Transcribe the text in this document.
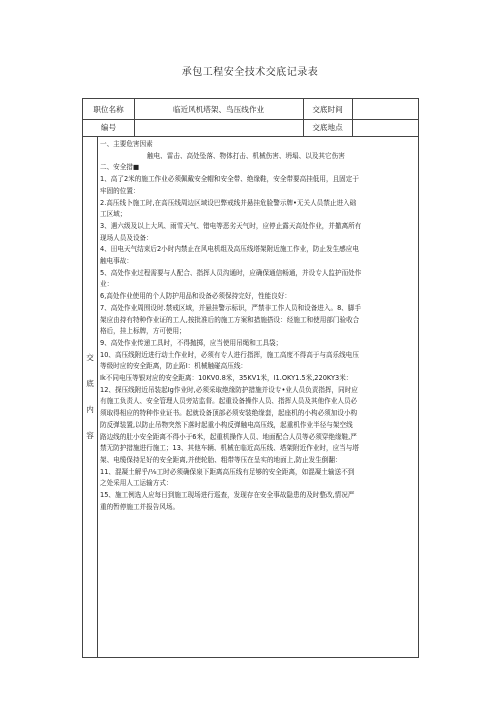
承包工程安全技术交底记录表
职位名称	临近风机塔架、鸟压线作业	交底时间
编号	交底地点
交
底
内
容

一、主要危害因素

触电、雷击、高处坠落、物体打击、机械伤害、坍塌、以及其它伤害

二、安全措■

1、高了2米的施工作业必须佩戴安全帽和安全带、绝缘鞋，安全带要高挂低用，且固定于

牢固的位置：

2.高压线卜施工时,在高压线周边区域设巴弊戒线并悬挂危脸警示牌•无关人员禁止进入础

工区域；

3、遇六级及以上大风、雨雪天气、错电等恶劣天气时，应停止露天高处作业，并撤离所有

现场人员及设备：

4、田电天气结束后2小时内禁止在风电机组及高压线塔架附近施工作业，防止发生感应电

触电事故：

5、高处作业过程需要与人配合、指挥人员沟通时，应确保通信畅通，并设专人监护而处作

业：

6,高处作业使用的个人防护用品和设备必须保持完好，性能良好：

7、高处作业周围设时.禁戒区域，并悬挂警示标识，严禁非工作人员和设备进入。8、脚手

架应由持有特种作业证的工人,按批准后的施工方案和措施搭设：经施工和使用部门验收合

格后，挂上标牌，方可使用；

9、高处作业传递工具时，不得抛掷，应当使用吊绳和工具袋；

10、高压线附近进行动土作业时，必须有专人进行指挥，施工高度不得高于与高乐线电压

等级时应的安全距离，防止跖I：机械触碰高压线：

Ik不同电压等银对应的安全距离：10KV0.8米，35KV1米，I1.OKY1.5米,220KY3米：

12、探压线附近吊装起Ig作业时,必须采取绝缘防护措施并设专•业人员负责指挥，同时应

有施工负责人、安全管理人员旁站监督。起重设备操作人员、指挥人员及其他作业人员必

须取得相应的特种作业证书。起就设备顶部必须安装绝缘套，起座机的小构必须加设小构

防反弹装置,以防止吊物突然下落时起重小构反弹触电高压线，起重机作业半径与架空线

路边线的肚小安全距离不得小于6米，起重机操作人员、地面配合人员等必须穿绝缘鞋,严

禁无防护措施进行施工；13、其他车辆、机械在临近高压线、塔架附近作业时，应当与塔

架、电缆保持足好的安全距离,并使轮胎、粗带等压在呈实的地面上,防止发生倒翻：

11、混凝土解乎/⅛工时必须确保泉下距离高压线有足够的安全距离，如混凝土输送不到

之处采用人工运输方式：

15、施工例选人应每日到施工现场进行巡查，发现存在安全事故隐患的及时整改,情况严

重的暂停施工并报告风场。
